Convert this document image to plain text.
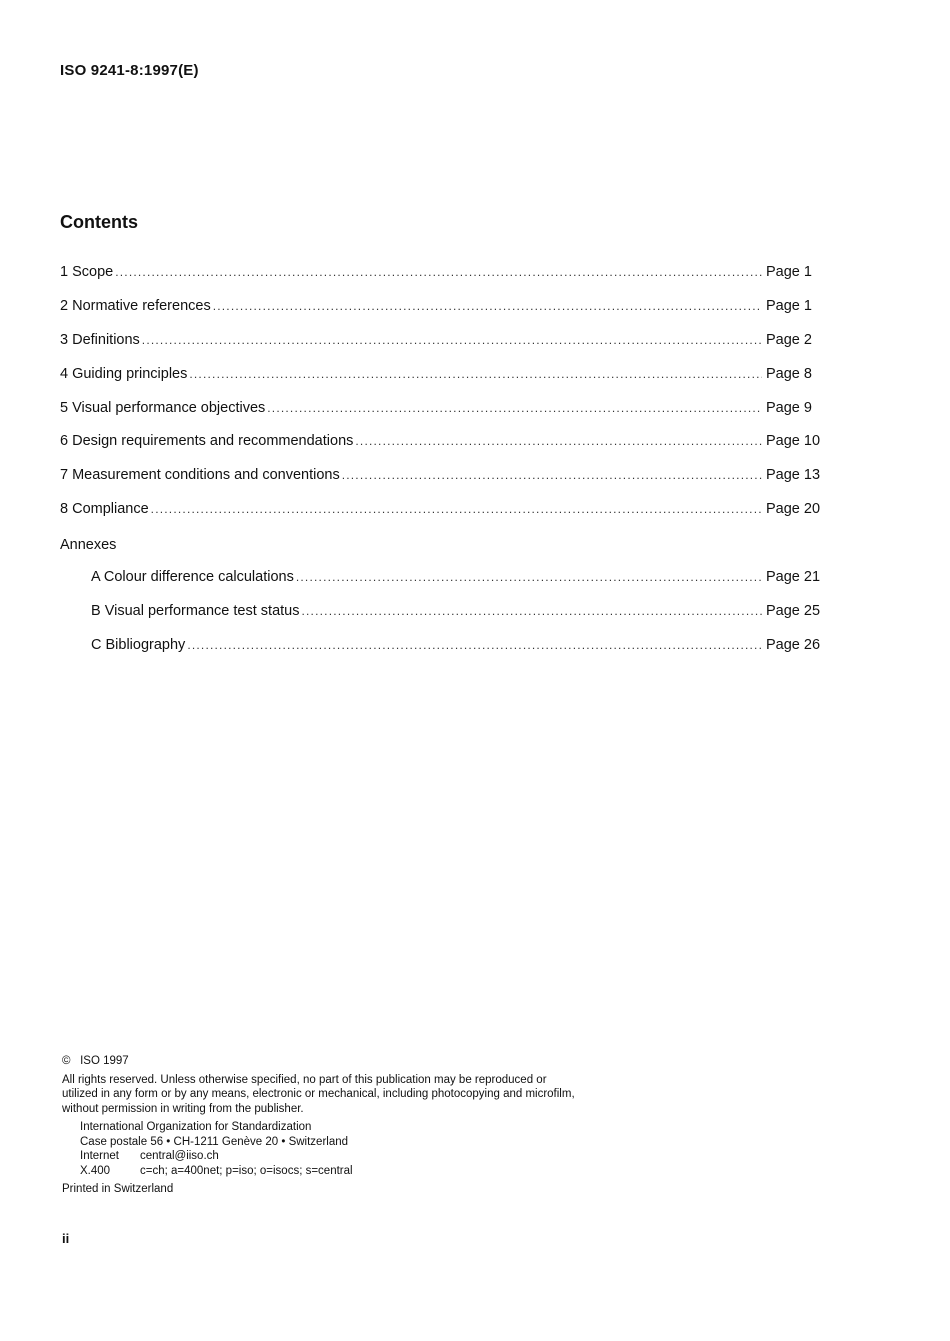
ISO 9241-8:1997(E)
Contents
1 Scope .....	Page 1
2 Normative references .....	Page 1
3 Definitions .....	Page 2
4 Guiding principles .....	Page 8
5 Visual performance objectives .....	Page 9
6 Design requirements and recommendations .....	Page 10
7 Measurement conditions and conventions .....	Page 13
8 Compliance .....	Page 20
Annexes
A Colour difference calculations .....	Page 21
B Visual performance test status .....	Page 25
C Bibliography .....	Page 26
© ISO 1997
All rights reserved. Unless otherwise specified, no part of this publication may be reproduced or utilized in any form or by any means, electronic or mechanical, including photocopying and microfilm, without permission in writing from the publisher.
International Organization for Standardization
Case postale 56 • CH-1211 Genève 20 • Switzerland
Internet central@iiso.ch
X.400	c=ch; a=400net; p=iso; o=isocs; s=central
Printed in Switzerland
ii
